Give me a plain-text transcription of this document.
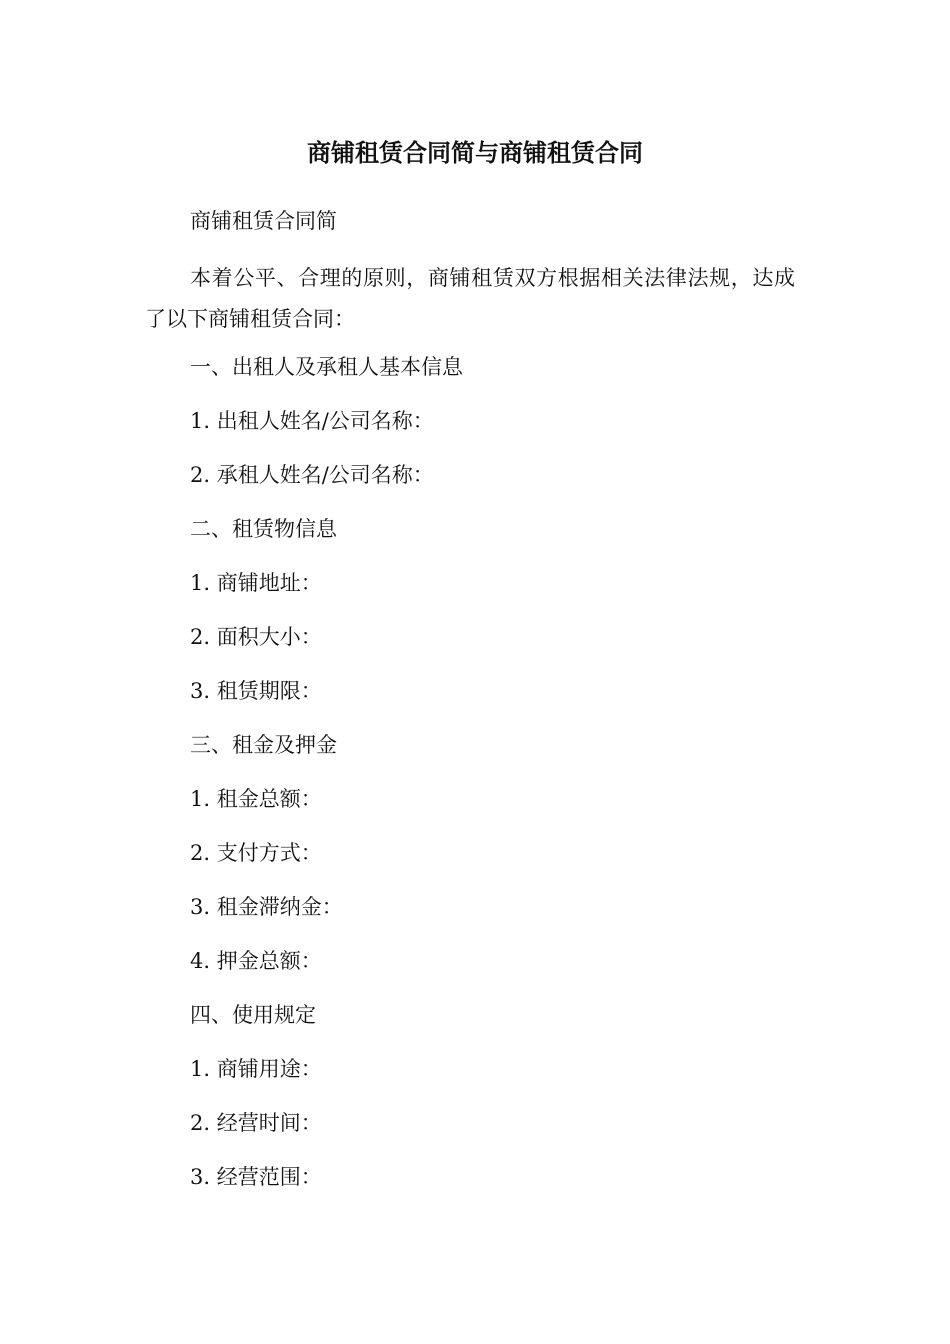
商铺租赁合同简与商铺租赁合同

商铺租赁合同简

本着公平、合理的原则，商铺租赁双方根据相关法律法规，达成了以下商铺租赁合同：

一、出租人及承租人基本信息

1. 出租人姓名/公司名称：

2. 承租人姓名/公司名称：

二、租赁物信息

1. 商铺地址：

2. 面积大小：

3. 租赁期限：

三、租金及押金

1. 租金总额：

2. 支付方式：

3. 租金滞纳金：

4. 押金总额：

四、使用规定

1. 商铺用途：

2. 经营时间：

3. 经营范围：
